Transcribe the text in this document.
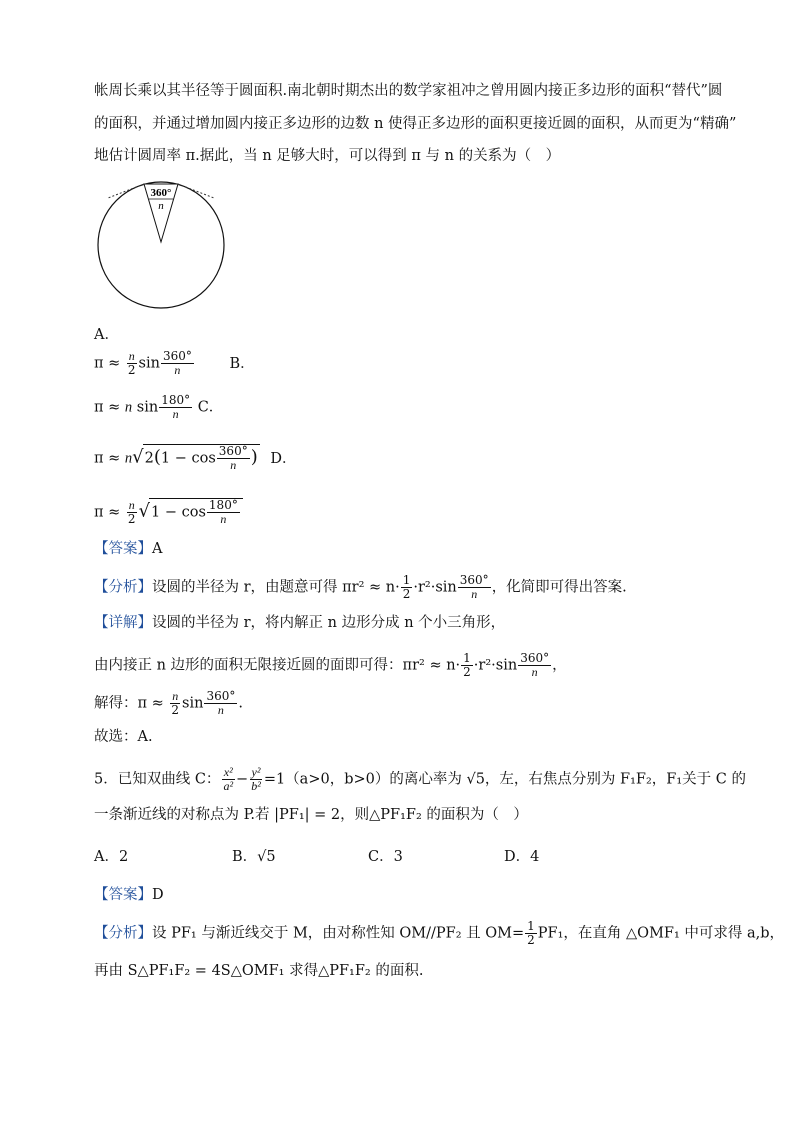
帐周长乘以其半径等于圆面积.南北朝时期杰出的数学家祖冲之曾用圆内接正多边形的面积“替代”圆
的面积，并通过增加圆内接正多边形的边数 n 使得正多边形的面积更接近圆的面积，从而更为“精确”
地估计圆周率 π.据此，当 n 足够大时，可以得到 π 与 n 的关系为（　）
360°
n
A．
$\pi \approx \frac{n}{2}$ $\sin \frac{360^\circ}{n}$ B．
π ≈ n $\sin \frac{180^\circ}{n}$ C．
$\pi \approx n√2(1 - \cos \frac{360^\circ}{n}$ ) D．
$\pi \approx \frac{n}{2} √1 - \cos \frac{180^\circ}{n}$
【答案】A
【分析】设圆的半径为 r，由题意可得 $\pi r^2 \approx n\cdot \frac{1}{2} \cdot r^2\cdot\sin \frac{360^\circ}{n}$ ，化简即可得出答案.
【详解】设圆的半径为 r，将内解正 n 边形分成 n 个小三角形，
由内接正 n 边形的面积无限接近圆的面即可得：$\pi r^2 \approx n\cdot \frac{1}{2} \cdot r^2\cdot\sin \frac{360^\circ}{n}$ ，
解得：$\pi \approx \frac{n}{2}$ $\sin \frac{360^\circ}{n}$ .
故选：A.
5．已知双曲线 C： $\frac{\text{x²}}{\text{a²}} - \frac{\text{y²}}{\text{b²}} =1(a>0$，b>0）的离心率为 √5，左，右焦点分别为 F₁F₂，F₁关于 C 的
一条渐近线的对称点为 P.若 |PF₁| = 2，则△PF₁F₂ 的面积为（　）
A．2	B．√5	C．3	D．4
【答案】D
【分析】设 PF₁ 与渐近线交于 M，由对称性知 OM//PF₂ 且 $OM= \frac{1}{2} PF_1$，在直角 △OMF₁ 中可求得 a,b，
再由 S△PF₁F₂ = 4S△OMF₁ 求得△PF₁F₂ 的面积.
